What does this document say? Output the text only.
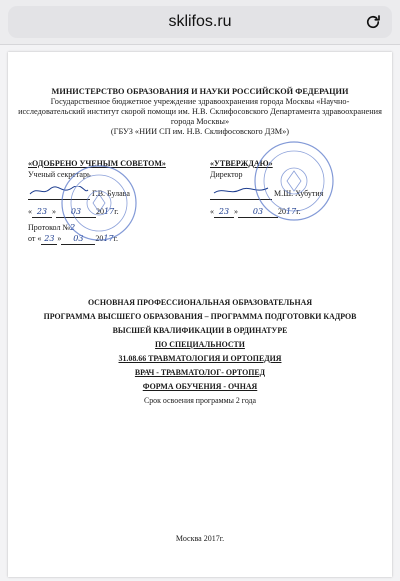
sklifos.ru
МИНИСТЕРСТВО ОБРАЗОВАНИЯ И НАУКИ РОССИЙСКОЙ ФЕДЕРАЦИИ
Государственное бюджетное учреждение здравоохранения города Москвы «Научно-
исследовательский институт скорой помощи им. Н.В. Склифосовского Департамента здравоохранения
города Москвы»
(ГБУЗ «НИИ СП им. Н.В. Склифосовского ДЗМ»)
«ОДОБРЕНО УЧЕНЫМ СОВЕТОМ»
Ученый секретарь
Г.В. Булава
« 23 » 03 2017г.
Протокол №2
от « 23 » 03 2017г.
«УТВЕРЖДАЮ»
Директор
М.Ш. Хубутия
« 23 » 03 2017г.
ОСНОВНАЯ ПРОФЕССИОНАЛЬНАЯ ОБРАЗОВАТЕЛЬНАЯ
ПРОГРАММА ВЫСШЕГО ОБРАЗОВАНИЯ – ПРОГРАММА ПОДГОТОВКИ КАДРОВ
ВЫСШЕЙ КВАЛИФИКАЦИИ В ОРДИНАТУРЕ
ПО СПЕЦИАЛЬНОСТИ
31.08.66 ТРАВМАТОЛОГИЯ И ОРТОПЕДИЯ
ВРАЧ - ТРАВМАТОЛОГ- ОРТОПЕД
ФОРМА ОБУЧЕНИЯ - ОЧНАЯ
Срок освоения программы 2 года
Москва 2017г.
